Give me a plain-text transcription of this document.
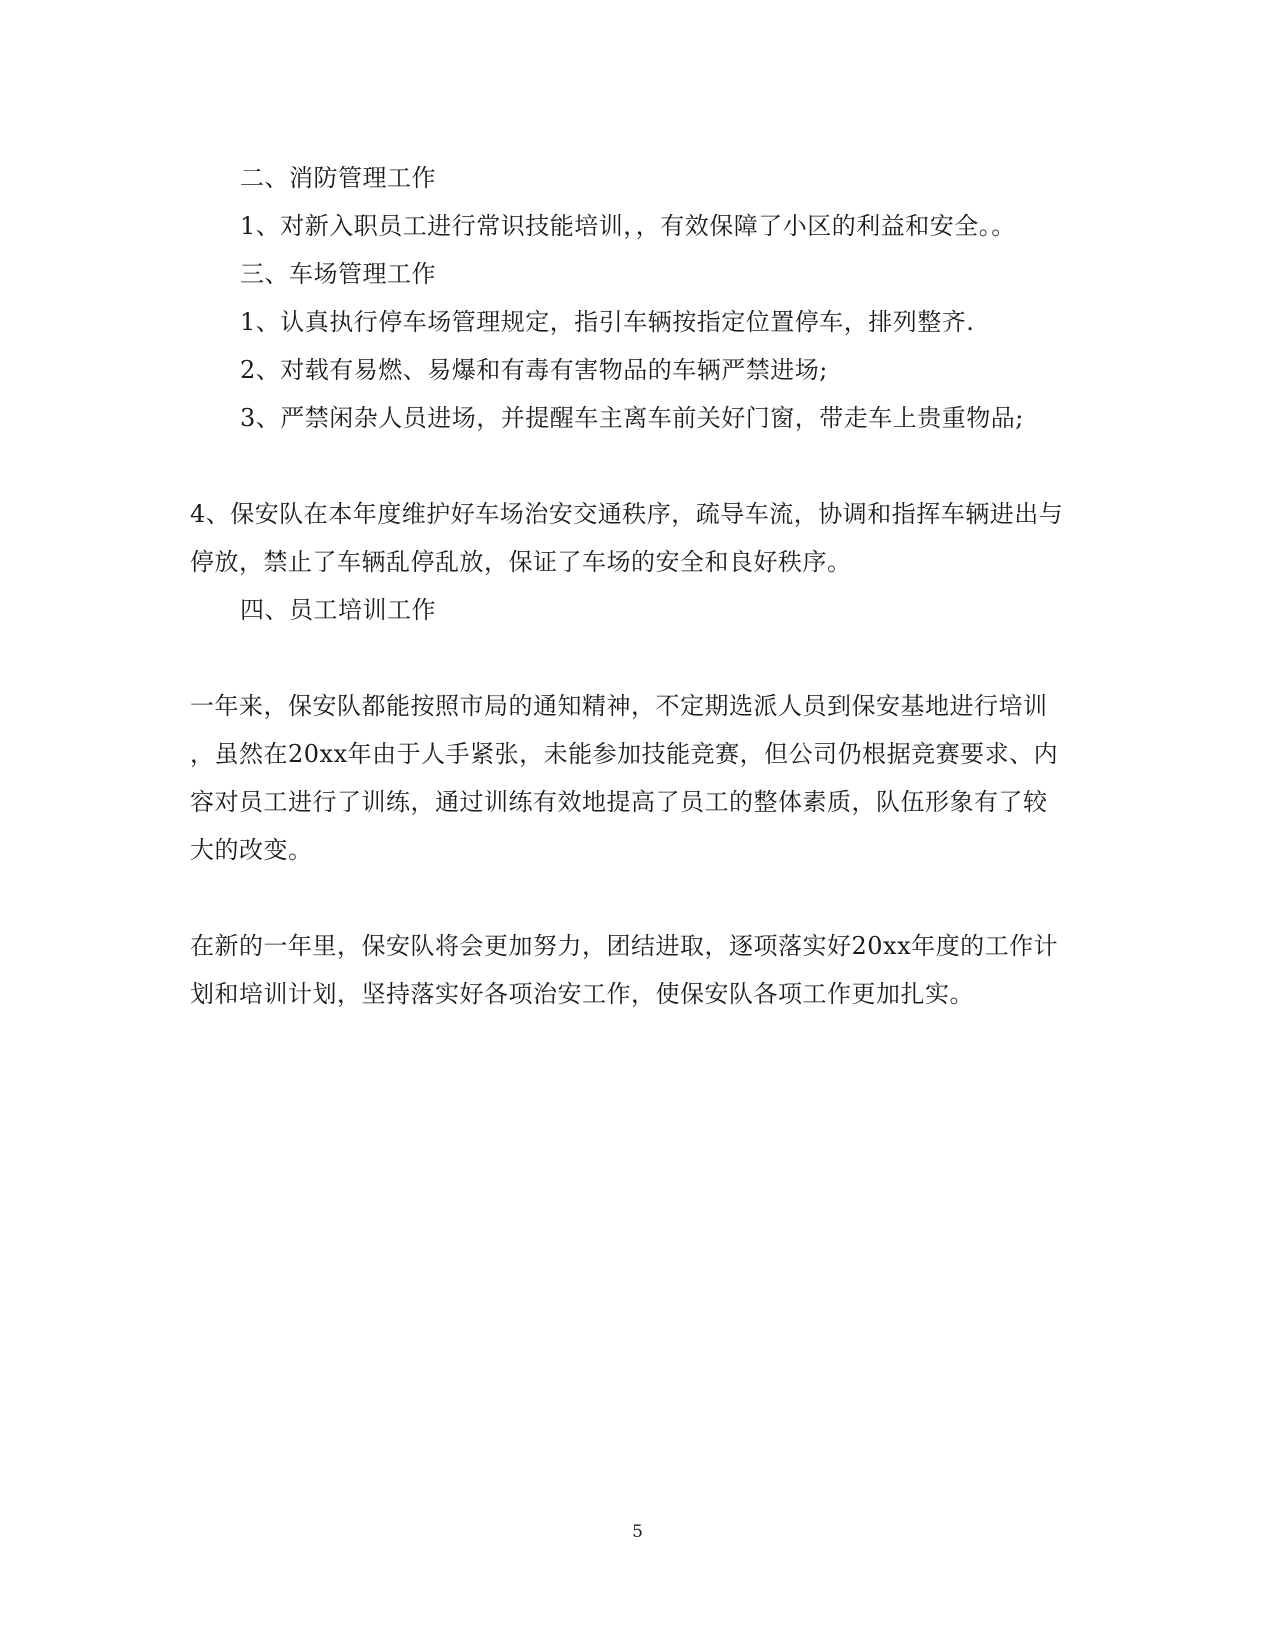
二、消防管理工作
1、对新入职员工进行常识技能培训，，有效保障了小区的利益和安全。。
三、车场管理工作
1、认真执行停车场管理规定，指引车辆按指定位置停车，排列整齐.
2、对载有易燃、易爆和有毒有害物品的车辆严禁进场;
3、严禁闲杂人员进场，并提醒车主离车前关好门窗，带走车上贵重物品;
4、保安队在本年度维护好车场治安交通秩序，疏导车流，协调和指挥车辆进出与
停放，禁止了车辆乱停乱放，保证了车场的安全和良好秩序。
四、员工培训工作
一年来，保安队都能按照市局的通知精神，不定期选派人员到保安基地进行培训
，虽然在20xx年由于人手紧张，未能参加技能竞赛，但公司仍根据竞赛要求、内
容对员工进行了训练，通过训练有效地提高了员工的整体素质，队伍形象有了较
大的改变。
在新的一年里，保安队将会更加努力，团结进取，逐项落实好20xx年度的工作计
划和培训计划，坚持落实好各项治安工作，使保安队各项工作更加扎实。
5
